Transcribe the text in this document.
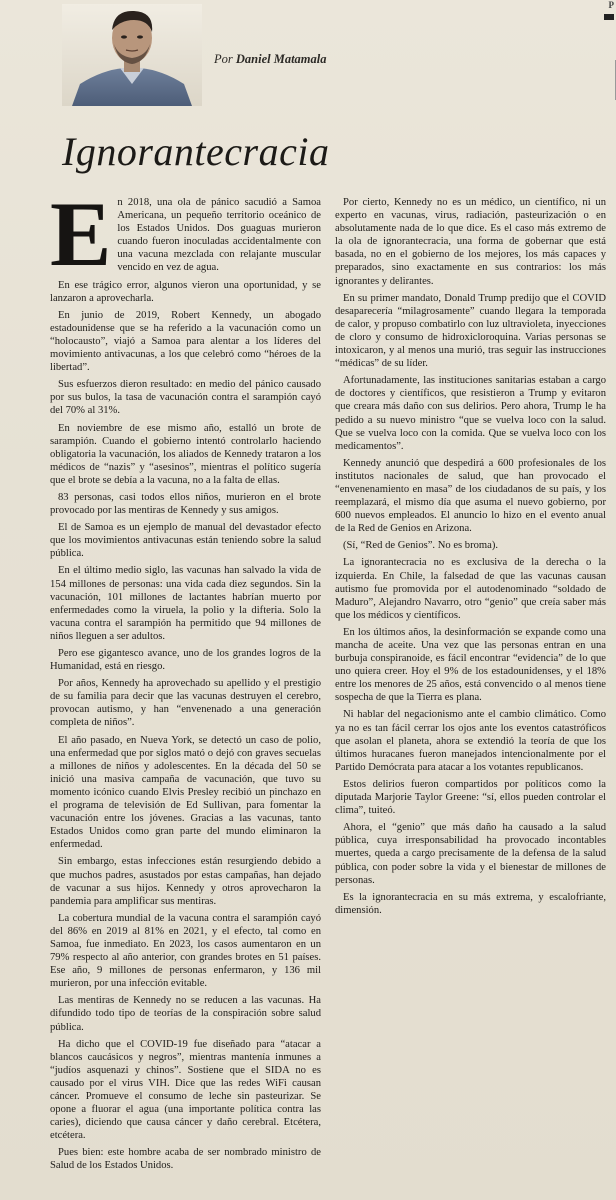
P
Por Daniel Matamala
Ignorantecracia

En 2018, una ola de pánico sacudió a Samoa Americana, un pequeño territorio oceánico de los Estados Unidos. Dos guaguas murieron cuando fueron inoculadas accidentalmente con una vacuna mezclada con relajante muscular vencido en vez de agua.

En ese trágico error, algunos vieron una oportunidad, y se lanzaron a aprovecharla.

En junio de 2019, Robert Kennedy, un abogado estadounidense que se ha referido a la vacunación como un “holocausto”, viajó a Samoa para alentar a los líderes del movimiento antivacunas, a los que celebró como “héroes de la libertad”.

Sus esfuerzos dieron resultado: en medio del pánico causado por sus bulos, la tasa de vacunación contra el sarampión cayó del 70% al 31%.

En noviembre de ese mismo año, estalló un brote de sarampión. Cuando el gobierno intentó controlarlo haciendo obligatoria la vacunación, los aliados de Kennedy trataron a los médicos de “nazis” y “asesinos”, mientras el político sugería que el brote se debía a la vacuna, no a la falta de ellas.

83 personas, casi todos ellos niños, murieron en el brote provocado por las mentiras de Kennedy y sus amigos.

El de Samoa es un ejemplo de manual del devastador efecto que los movimientos antivacunas están teniendo sobre la salud pública.

En el último medio siglo, las vacunas han salvado la vida de 154 millones de personas: una vida cada diez segundos. Sin la vacunación, 101 millones de lactantes habrían muerto por enfermedades como la viruela, la polio y la difteria. Solo la vacuna contra el sarampión ha permitido que 94 millones de niños lleguen a ser adultos.

Pero ese gigantesco avance, uno de los grandes logros de la Humanidad, está en riesgo.

Por años, Kennedy ha aprovechado su apellido y el prestigio de su familia para decir que las vacunas destruyen el cerebro, provocan autismo, y han “envenenado a una generación completa de niños”.

El año pasado, en Nueva York, se detectó un caso de polio, una enfermedad que por siglos mató o dejó con graves secuelas a millones de niños y adolescentes. En la década del 50 se inició una masiva campaña de vacunación, que tuvo su momento icónico cuando Elvis Presley recibió un pinchazo en el programa de televisión de Ed Sullivan, para fomentar la vacunación entre los jóvenes. Gracias a las vacunas, tanto Estados Unidos como gran parte del mundo eliminaron la enfermedad.

Sin embargo, estas infecciones están resurgiendo debido a que muchos padres, asustados por estas campañas, han dejado de vacunar a sus hijos. Kennedy y otros aprovecharon la pandemia para amplificar sus mentiras.

La cobertura mundial de la vacuna contra el sarampión cayó del 86% en 2019 al 81% en 2021, y el efecto, tal como en Samoa, fue inmediato. En 2023, los casos aumentaron en un 79% respecto al año anterior, con grandes brotes en 51 países. Ese año, 9 millones de personas enfermaron, y 136 mil murieron, por una infección evitable.

Las mentiras de Kennedy no se reducen a las vacunas. Ha difundido todo tipo de teorías de la conspiración sobre salud pública.

Ha dicho que el COVID-19 fue diseñado para “atacar a blancos caucásicos y negros”, mientras mantenía inmunes a “judíos asquenazi y chinos”. Sostiene que el SIDA no es causado por el virus VIH. Dice que las redes WiFi causan cáncer. Promueve el consumo de leche sin pasteurizar. Se opone a fluorar el agua (una importante política contra las caries), diciendo que causa cáncer y daño cerebral. Etcétera, etcétera.

Pues bien: este hombre acaba de ser nombrado ministro de Salud de los Estados Unidos.

Por cierto, Kennedy no es un médico, un científico, ni un experto en vacunas, virus, radiación, pasteurización o en absolutamente nada de lo que dice. Es el caso más extremo de la ola de ignorantecracia, una forma de gobernar que está basada, no en el gobierno de los mejores, los más capaces y preparados, sino exactamente en sus contrarios: los más ignorantes y delirantes.

En su primer mandato, Donald Trump predijo que el COVID desaparecería “milagrosamente” cuando llegara la temporada de calor, y propuso combatirlo con luz ultravioleta, inyecciones de cloro y consumo de hidroxicloroquina. Varias personas se intoxicaron, y al menos una murió, tras seguir las instrucciones “médicas” de su líder.

Afortunadamente, las instituciones sanitarias estaban a cargo de doctores y científicos, que resistieron a Trump y evitaron que creara más daño con sus delirios. Pero ahora, Trump le ha pedido a su nuevo ministro “que se vuelva loco con la salud. Que se vuelva loco con la comida. Que se vuelva loco con los medicamentos”.

Kennedy anunció que despedirá a 600 profesionales de los institutos nacionales de salud, que han provocado el “envenenamiento en masa” de los ciudadanos de su país, y los reemplazará, el mismo día que asuma el nuevo gobierno, por 600 nuevos empleados. El anuncio lo hizo en el evento anual de la Red de Genios en Arizona.

(Sí, “Red de Genios”. No es broma).

La ignorantecracia no es exclusiva de la derecha o la izquierda. En Chile, la falsedad de que las vacunas causan autismo fue promovida por el autodenominado “soldado de Maduro”, Alejandro Navarro, otro “genio” que creía saber más que los médicos y científicos.

En los últimos años, la desinformación se expande como una mancha de aceite. Una vez que las personas entran en una burbuja conspiranoide, es fácil encontrar “evidencia” de lo que uno quiera creer. Hoy el 9% de los estadounidenses, y el 18% entre los menores de 25 años, está convencido o al menos tiene sospecha de que la Tierra es plana.

Ni hablar del negacionismo ante el cambio climático. Como ya no es tan fácil cerrar los ojos ante los eventos catastróficos que asolan el planeta, ahora se extendió la teoría de que los últimos huracanes fueron manejados intencionalmente por el Partido Demócrata para atacar a los votantes republicanos.

Estos delirios fueron compartidos por políticos como la diputada Marjorie Taylor Greene: “sí, ellos pueden controlar el clima”, tuiteó.

Ahora, el “genio” que más daño ha causado a la salud pública, cuya irresponsabilidad ha provocado incontables muertes, queda a cargo precisamente de la defensa de la salud pública, con poder sobre la vida y el bienestar de millones de personas.

Es la ignorantecracia en su más extrema, y escalofriante, dimensión.
